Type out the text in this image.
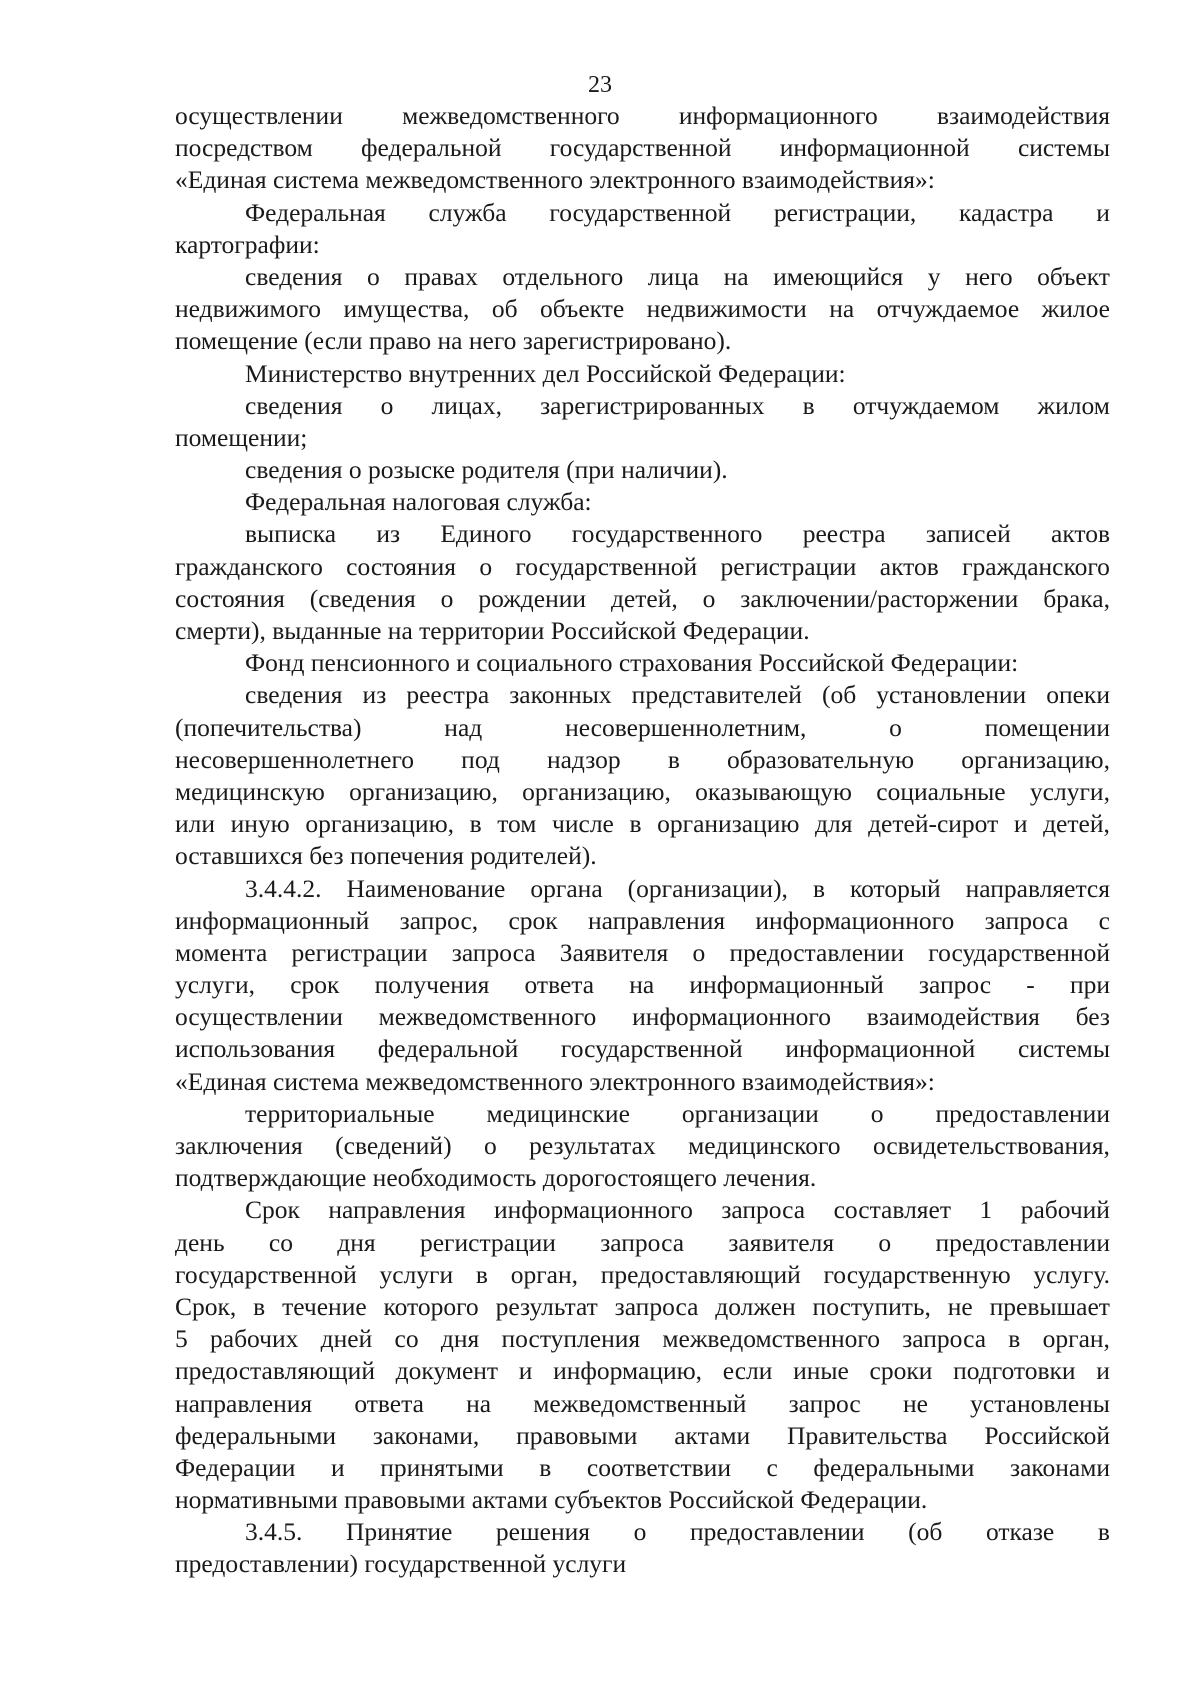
23
осуществлении межведомственного информационного взаимодействия
посредством федеральной государственной информационной системы
«Единая система межведомственного электронного взаимодействия»:
Федеральная служба государственной регистрации, кадастра и
картографии:
сведения о правах отдельного лица на имеющийся у него объект
недвижимого имущества, об объекте недвижимости на отчуждаемое жилое
помещение (если право на него зарегистрировано).
Министерство внутренних дел Российской Федерации:
сведения о лицах, зарегистрированных в отчуждаемом жилом
помещении;
сведения о розыске родителя (при наличии).
Федеральная налоговая служба:
выписка из Единого государственного реестра записей актов
гражданского состояния о государственной регистрации актов гражданского
состояния (сведения о рождении детей, о заключении/расторжении брака,
смерти), выданные на территории Российской Федерации.
Фонд пенсионного и социального страхования Российской Федерации:
сведения из реестра законных представителей (об установлении опеки
(попечительства)	над	несовершеннолетним,	о	помещении
несовершеннолетнего под надзор в образовательную организацию,
медицинскую организацию, организацию, оказывающую социальные услуги,
или иную организацию, в том числе в организацию для детей-сирот и детей,
оставшихся без попечения родителей).
3.4.4.2. Наименование органа (организации), в который направляется
информационный запрос, срок направления информационного запроса с
момента регистрации запроса Заявителя о предоставлении государственной
услуги, срок получения ответа на информационный запрос - при
осуществлении межведомственного информационного взаимодействия без
использования федеральной государственной информационной системы
«Единая система межведомственного электронного взаимодействия»:
территориальные медицинские организации о предоставлении
заключения (сведений) о результатах медицинского освидетельствования,
подтверждающие необходимость дорогостоящего лечения.
Срок направления информационного запроса составляет 1 рабочий
день со дня регистрации запроса заявителя о предоставлении
государственной услуги в орган, предоставляющий государственную услугу.
Срок, в течение которого результат запроса должен поступить, не превышает
5 рабочих дней со дня поступления межведомственного запроса в орган,
предоставляющий документ и информацию, если иные сроки подготовки и
направления ответа на межведомственный запрос не установлены
федеральными законами, правовыми актами Правительства Российской
Федерации и принятыми в соответствии с федеральными законами
нормативными правовыми актами субъектов Российской Федерации.
3.4.5. Принятие решения о предоставлении (об отказе в
предоставлении) государственной услуги
